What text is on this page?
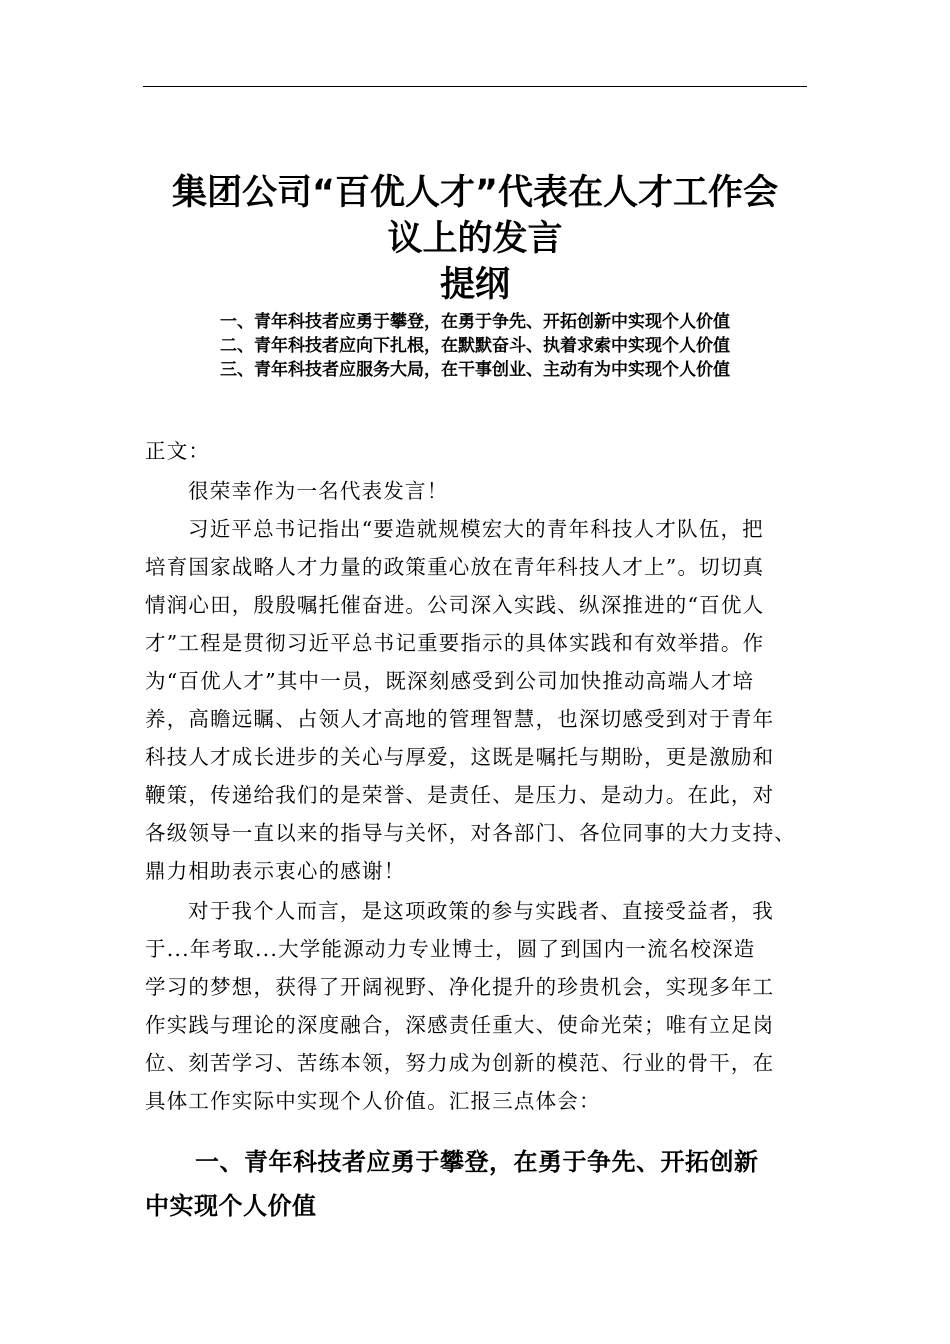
集团公司“百优人才”代表在人才工作会
议上的发言
提纲

一、青年科技者应勇于攀登，在勇于争先、开拓创新中实现个人价值

二、青年科技者应向下扎根，在默默奋斗、执着求索中实现个人价值

三、青年科技者应服务大局，在干事创业、主动有为中实现个人价值

正文：

很荣幸作为一名代表发言！

习近平总书记指出“要造就规模宏大的青年科技人才队伍，把

培育国家战略人才力量的政策重心放在青年科技人才上”。切切真

情润心田，殷殷嘱托催奋进。公司深入实践、纵深推进的“百优人

才”工程是贯彻习近平总书记重要指示的具体实践和有效举措。作

为“百优人才”其中一员，既深刻感受到公司加快推动高端人才培

养，高瞻远瞩、占领人才高地的管理智慧，也深切感受到对于青年

科技人才成长进步的关心与厚爱，这既是嘱托与期盼，更是激励和

鞭策，传递给我们的是荣誉、是责任、是压力、是动力。在此，对

各级领导一直以来的指导与关怀，对各部门、各位同事的大力支持、

鼎力相助表示衷心的感谢！

对于我个人而言，是这项政策的参与实践者、直接受益者，我

于...年考取...大学能源动力专业博士，圆了到国内一流名校深造

学习的梦想，获得了开阔视野、净化提升的珍贵机会，实现多年工

作实践与理论的深度融合，深感责任重大、使命光荣；唯有立足岗

位、刻苦学习、苦练本领，努力成为创新的模范、行业的骨干，在

具体工作实际中实现个人价值。汇报三点体会：

一、青年科技者应勇于攀登，在勇于争先、开拓创新
中实现个人价值
